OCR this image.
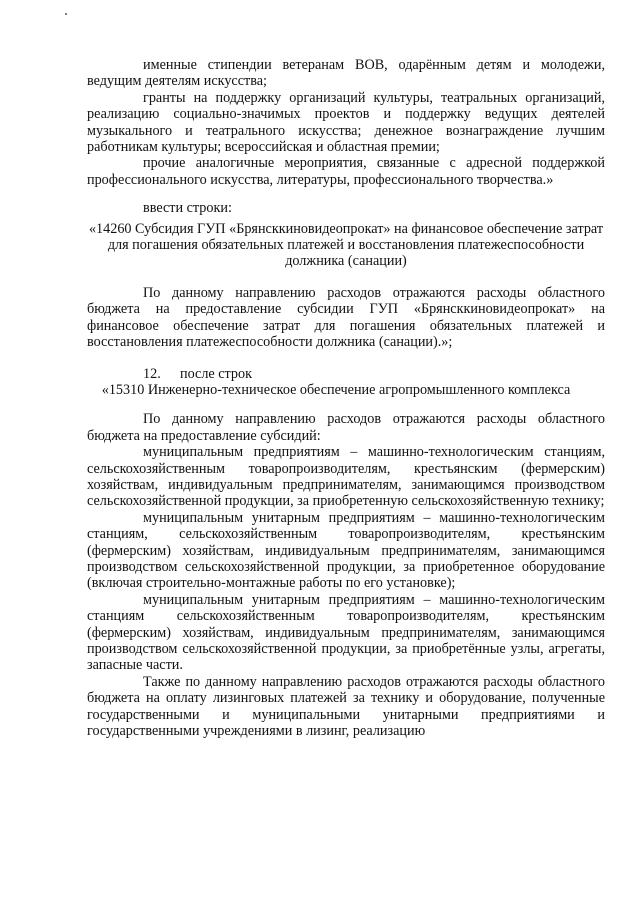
именные стипендии ветеранам ВОВ, одарённым детям и молодежи, ведущим деятелям искусства;

гранты на поддержку организаций культуры, театральных организаций, реализацию социально-значимых проектов и поддержку ведущих деятелей музыкального и театрального искусства; денежное вознаграждение лучшим работникам культуры; всероссийская и областная премии;

прочие аналогичные мероприятия, связанные с адресной поддержкой профессионального искусства, литературы, профессионального творчества.»

ввести строки:

«14260 Субсидия ГУП «Брянсккиновидеопрокат» на финансовое обеспечение затрат для погашения обязательных платежей и восстановления платежеспособности должника (санации)

По данному направлению расходов отражаются расходы областного бюджета на предоставление субсидии ГУП «Брянсккиновидеопрокат» на финансовое обеспечение затрат для погашения обязательных платежей и восстановления платежеспособности должника (санации).»;

12.	после строк

«15310 Инженерно-техническое обеспечение агропромышленного комплекса

По данному направлению расходов отражаются расходы областного бюджета на предоставление субсидий:

муниципальным предприятиям – машинно-технологическим станциям, сельскохозяйственным товаропроизводителям, крестьянским (фермерским) хозяйствам, индивидуальным предпринимателям, занимающимся производством сельскохозяйственной продукции, за приобретенную сельскохозяйственную технику;

муниципальным унитарным предприятиям – машинно-технологическим станциям, сельскохозяйственным товаропроизводителям, крестьянским (фермерским) хозяйствам, индивидуальным предпринимателям, занимающимся производством сельскохозяйственной продукции, за приобретенное оборудование (включая строительно-монтажные работы по его установке);

муниципальным унитарным предприятиям – машинно-технологическим станциям сельскохозяйственным товаропроизводителям, крестьянским (фермерским) хозяйствам, индивидуальным предпринимателям, занимающимся производством сельскохозяйственной продукции, за приобретённые узлы, агрегаты, запасные части.

Также по данному направлению расходов отражаются расходы областного бюджета на оплату лизинговых платежей за технику и оборудование, полученные государственными и муниципальными унитарными предприятиями и государственными учреждениями в лизинг, реализацию
